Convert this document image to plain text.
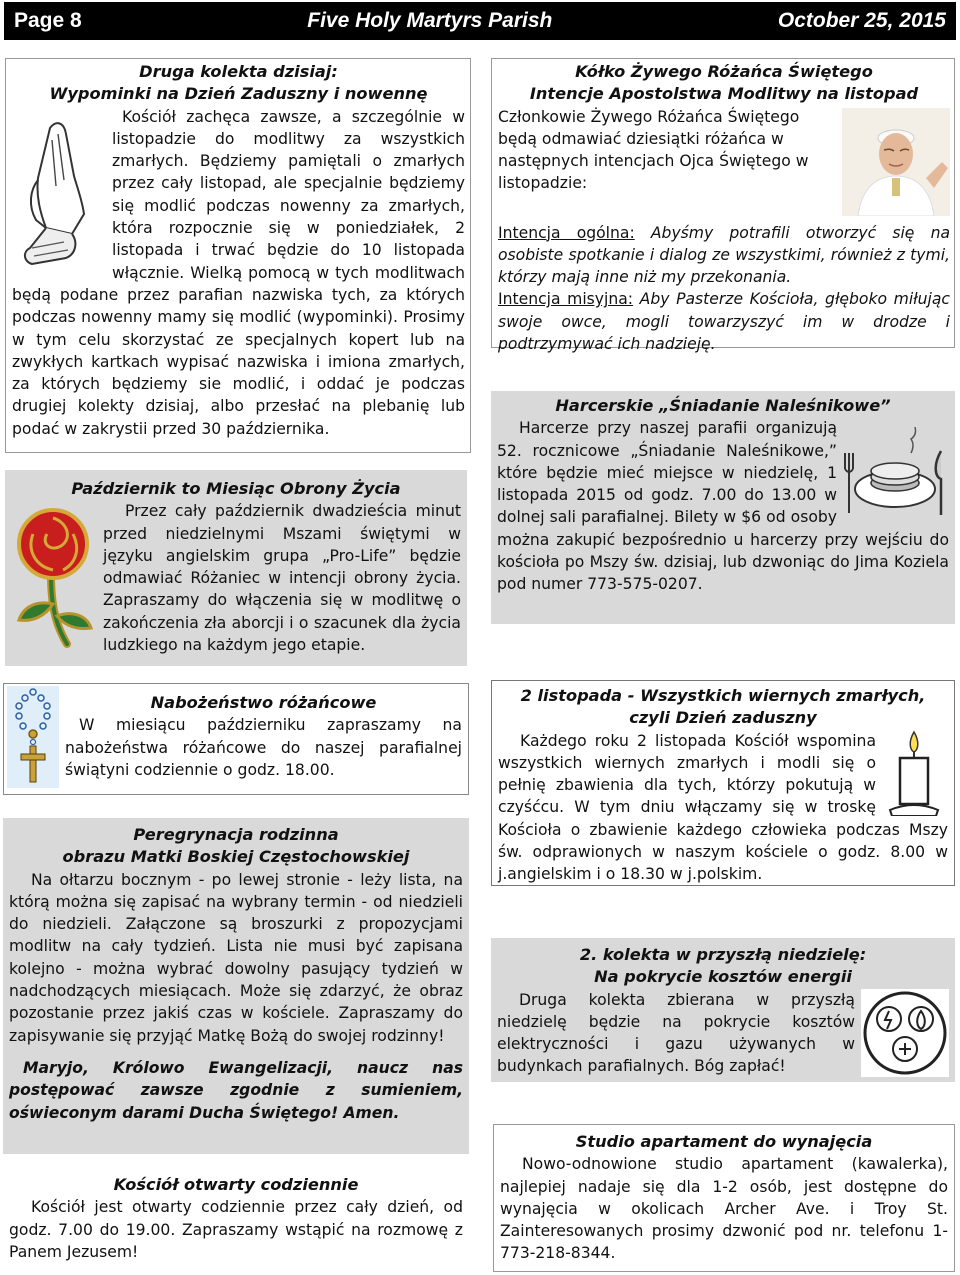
Page 8	Five Holy Martyrs Parish	October 25, 2015
Druga kolekta dzisiaj:
Wypominki na Dzień Zaduszny i nowennę
Kościół zachęca zawsze, a szczególnie w listopadzie do modlitwy za wszystkich zmarłych. Będziemy pamiętali o zmarłych przez cały listopad, ale specjalnie będziemy się modlić podczas nowenny za zmarłych, która rozpocznie się w poniedziałek, 2 listopada i trwać będzie do 10 listopada włącznie. Wielką pomocą w tych modlitwach będą podane przez parafian nazwiska tych, za których podczas nowenny mamy się modlić (wypominki). Prosimy w tym celu skorzystać ze specjalnych kopert lub na zwykłych kartkach wypisać nazwiska i imiona zmarłych, za których będziemy sie modlić, i oddać je podczas drugiej kolekty dzisiaj, albo przesłać na plebanię lub podać w zakrystii przed 30 października.
Kółko Żywego Różańca Świętego
Intencje Apostolstwa Modlitwy na listopad
Członkowie Żywego Różańca Świętego będą odmawiać dziesiątki różańca w następnych intencjach Ojca Świętego w listopadzie:
Intencja ogólna: Abyśmy potrafili otworzyć się na osobiste spotkanie i dialog ze wszystkimi, również z tymi, którzy mają inne niż my przekonania.
Intencja misyjna: Aby Pasterze Kościoła, głęboko miłując swoje owce, mogli towarzyszyć im w drodze i podtrzymywać ich nadzieję.
Październik to Miesiąc Obrony Życia
Przez cały październik dwadzieścia minut przed niedzielnymi Mszami świętymi w języku angielskim grupa „Pro-Life” będzie odmawiać Różaniec w intencji obrony życia. Zapraszamy do włączenia się w modlitwę o zakończenia zła aborcji i o szacunek dla życia ludzkiego na każdym jego etapie.
Harcerskie „Śniadanie Naleśnikowe”
Harcerze przy naszej parafii organizują 52. rocznicowe „Śniadanie Naleśnikowe,” które będzie mieć miejsce w niedzielę, 1 listopada 2015 od godz. 7.00 do 13.00 w dolnej sali parafialnej. Bilety w $6 od osoby można zakupić bezpośrednio u harcerzy przy wejściu do kościoła po Mszy św. dzisiaj, lub dzwoniąc do Jima Koziela pod numer 773-575-0207.
Nabożeństwo różańcowe
W miesiącu październiku zapraszamy na nabożeństwa różańcowe do naszej parafialnej świątyni codziennie o godz. 18.00.
2 listopada - Wszystkich wiernych zmarłych,
czyli Dzień zaduszny
Każdego roku 2 listopada Kościół wspomina wszystkich wiernych zmarłych i modli się o pełnię zbawienia dla tych, którzy pokutują w czyśćcu. W tym dniu włączamy się w troskę Kościoła o zbawienie każdego człowieka podczas Mszy św. odprawionych w naszym kościele o godz. 8.00 w j.angielskim i o 18.30 w j.polskim.
Peregrynacja rodzinna
obrazu Matki Boskiej Częstochowskiej
Na ołtarzu bocznym - po lewej stronie - leży lista, na którą można się zapisać na wybrany termin - od niedzieli do niedzieli. Załączone są broszurki z propozycjami modlitw na cały tydzień. Lista nie musi być zapisana kolejno - można wybrać dowolny pasujący tydzień w nadchodzących miesiącach. Może się zdarzyć, że obraz pozostanie przez jakiś czas w kościele. Zapraszamy do zapisywanie się przyjąć Matkę Bożą do swojej rodzinny!
Maryjo, Królowo Ewangelizacji, naucz nas postępować zawsze zgodnie z sumieniem, oświeconym darami Ducha Świętego! Amen.
2. kolekta w przyszłą niedzielę:
Na pokrycie kosztów energii
Druga kolekta zbierana w przyszłą niedzielę będzie na pokrycie kosztów elektryczności i gazu używanych w budynkach parafialnych. Bóg zapłać!
Kościół otwarty codziennie
Kościół jest otwarty codziennie przez cały dzień, od godz. 7.00 do 19.00. Zapraszamy wstąpić na rozmowę z Panem Jezusem!
Studio apartament do wynajęcia
Nowo-odnowione studio apartament (kawalerka), najlepiej nadaje się dla 1-2 osób, jest dostępne do wynajęcia w okolicach Archer Ave. i Troy St. Zainteresowanych prosimy dzwonić pod nr. telefonu 1-773-218-8344.
